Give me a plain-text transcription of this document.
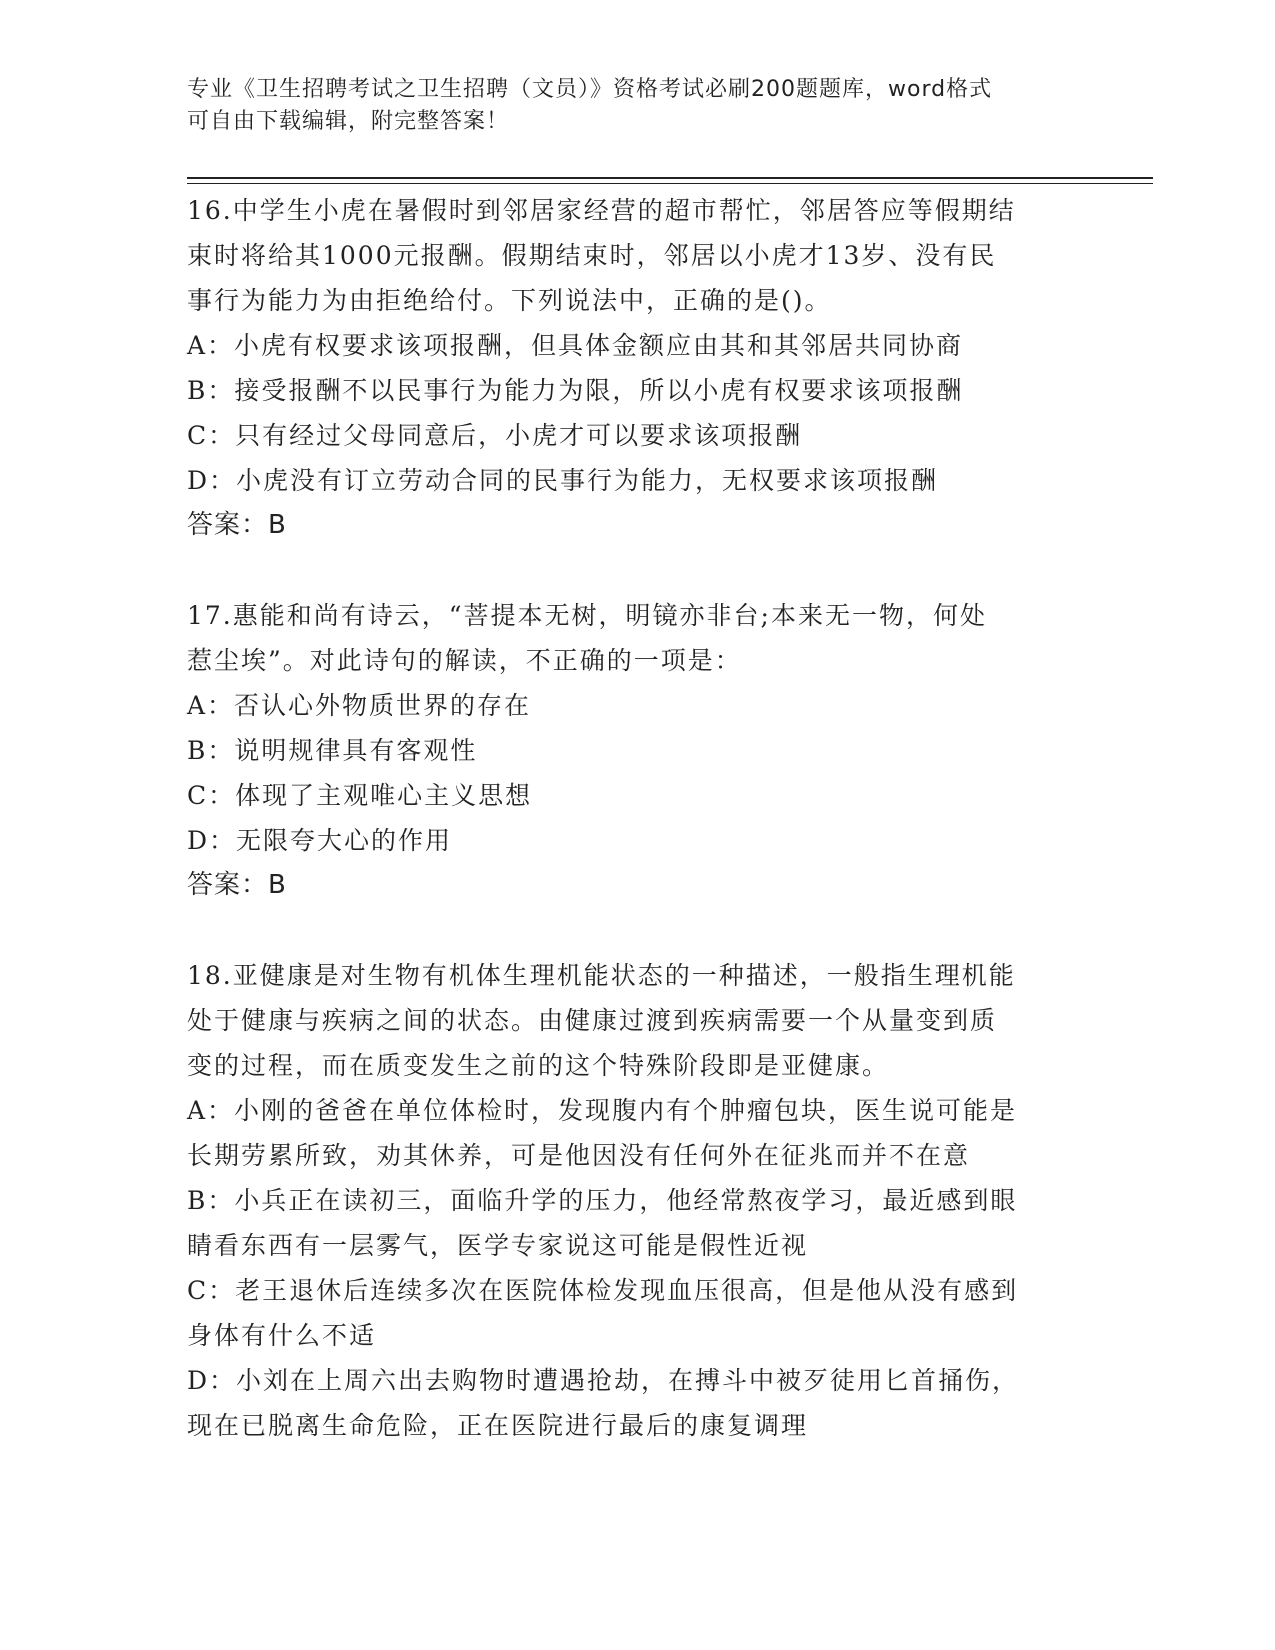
专业《卫生招聘考试之卫生招聘（文员）》资格考试必刷200题题库，word格式
可自由下载编辑，附完整答案！
16.中学生小虎在暑假时到邻居家经营的超市帮忙，邻居答应等假期结
束时将给其1000元报酬。假期结束时，邻居以小虎才13岁、没有民
事行为能力为由拒绝给付。下列说法中，正确的是()。
A：小虎有权要求该项报酬，但具体金额应由其和其邻居共同协商
B：接受报酬不以民事行为能力为限，所以小虎有权要求该项报酬
C：只有经过父母同意后，小虎才可以要求该项报酬
D：小虎没有订立劳动合同的民事行为能力，无权要求该项报酬
答案：B
17.惠能和尚有诗云，“菩提本无树，明镜亦非台;本来无一物，何处
惹尘埃”。对此诗句的解读，不正确的一项是：
A：否认心外物质世界的存在
B：说明规律具有客观性
C：体现了主观唯心主义思想
D：无限夸大心的作用
答案：B
18.亚健康是对生物有机体生理机能状态的一种描述，一般指生理机能
处于健康与疾病之间的状态。由健康过渡到疾病需要一个从量变到质
变的过程，而在质变发生之前的这个特殊阶段即是亚健康。
A：小刚的爸爸在单位体检时，发现腹内有个肿瘤包块，医生说可能是
长期劳累所致，劝其休养，可是他因没有任何外在征兆而并不在意
B：小兵正在读初三，面临升学的压力，他经常熬夜学习，最近感到眼
睛看东西有一层雾气，医学专家说这可能是假性近视
C：老王退休后连续多次在医院体检发现血压很高，但是他从没有感到
身体有什么不适
D：小刘在上周六出去购物时遭遇抢劫，在搏斗中被歹徒用匕首捅伤，
现在已脱离生命危险，正在医院进行最后的康复调理
